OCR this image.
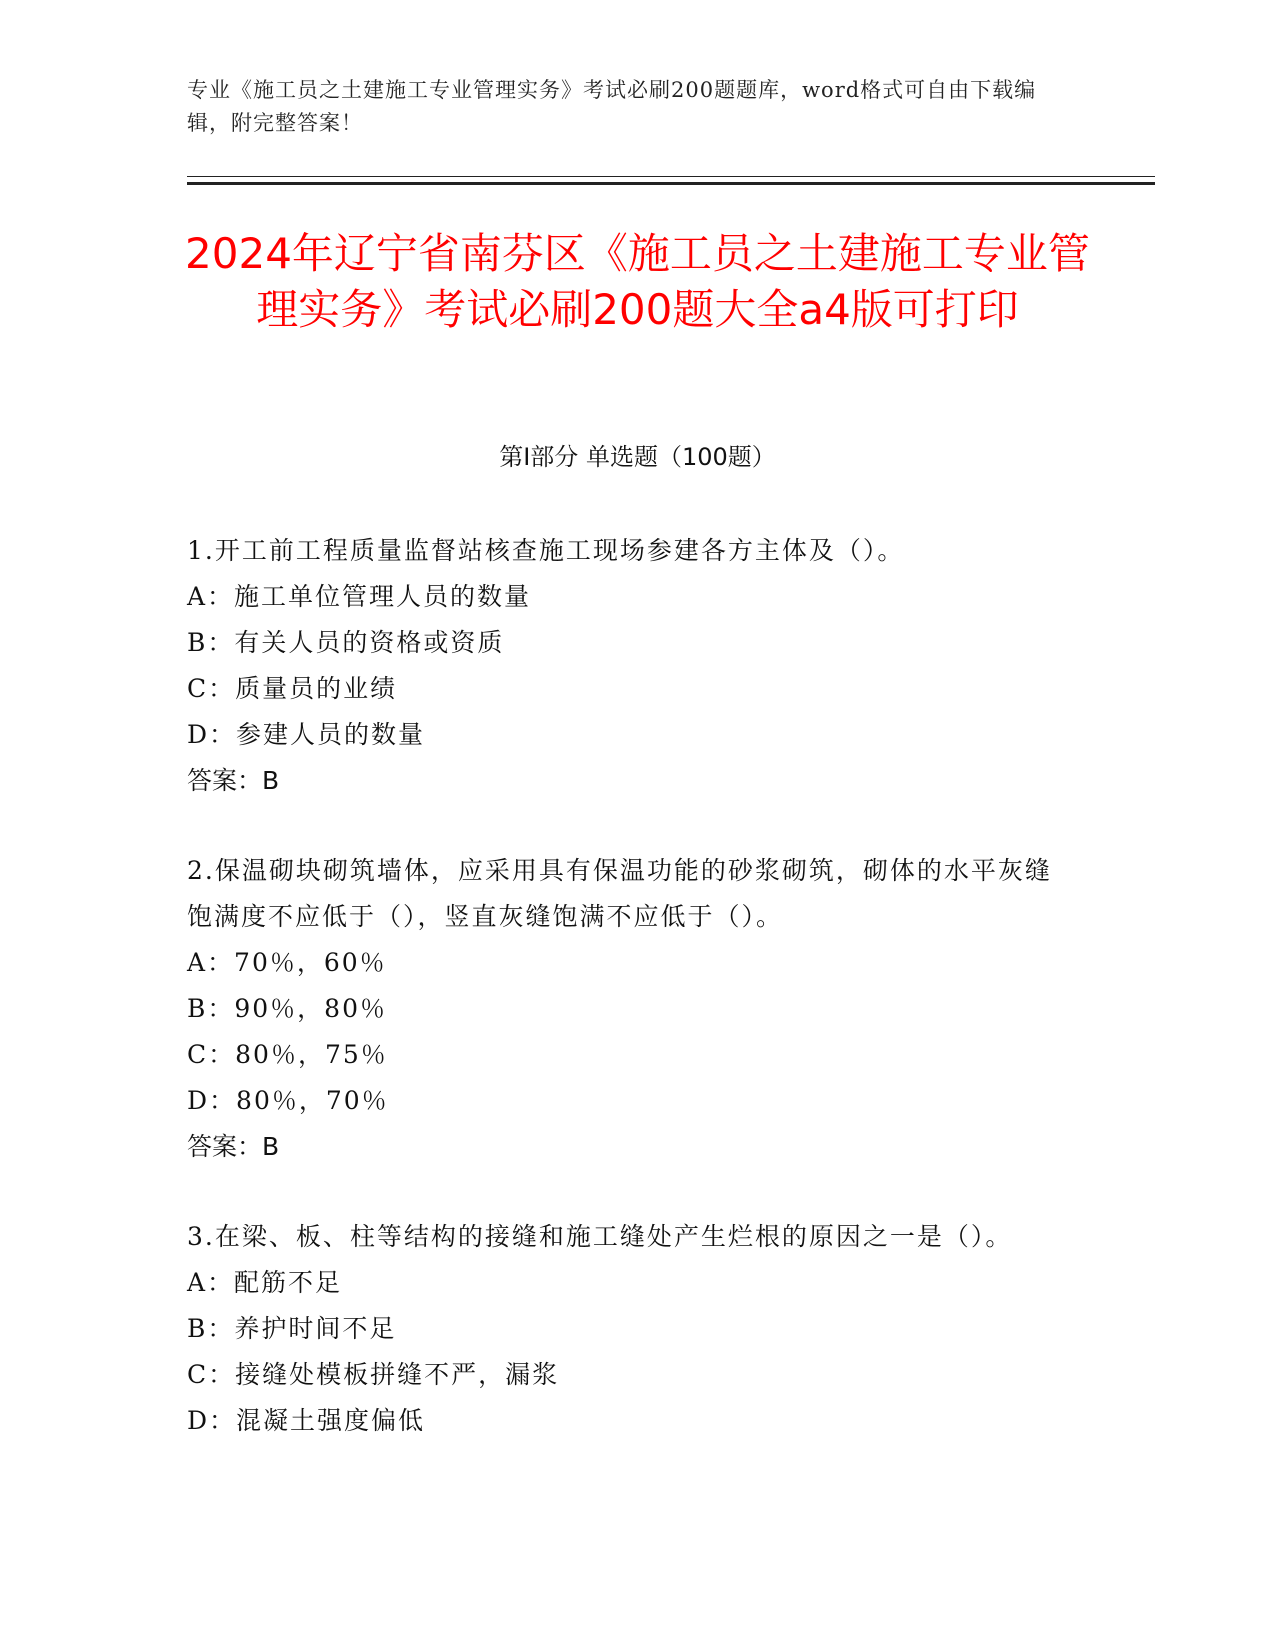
专业《施工员之土建施工专业管理实务》考试必刷200题题库，word格式可自由下载编辑，附完整答案！
2024年辽宁省南芬区《施工员之土建施工专业管理实务》考试必刷200题大全a4版可打印
第I部分 单选题（100题）
1.开工前工程质量监督站核查施工现场参建各方主体及（）。
A：施工单位管理人员的数量
B：有关人员的资格或资质
C：质量员的业绩
D：参建人员的数量
答案：B
2.保温砌块砌筑墙体，应采用具有保温功能的砂浆砌筑，砌体的水平灰缝饱满度不应低于（），竖直灰缝饱满不应低于（）。
A：70％，60％
B：90％，80％
C：80％，75％
D：80％，70％
答案：B
3.在梁、板、柱等结构的接缝和施工缝处产生烂根的原因之一是（）。
A：配筋不足
B：养护时间不足
C：接缝处模板拼缝不严，漏浆
D：混凝土强度偏低
